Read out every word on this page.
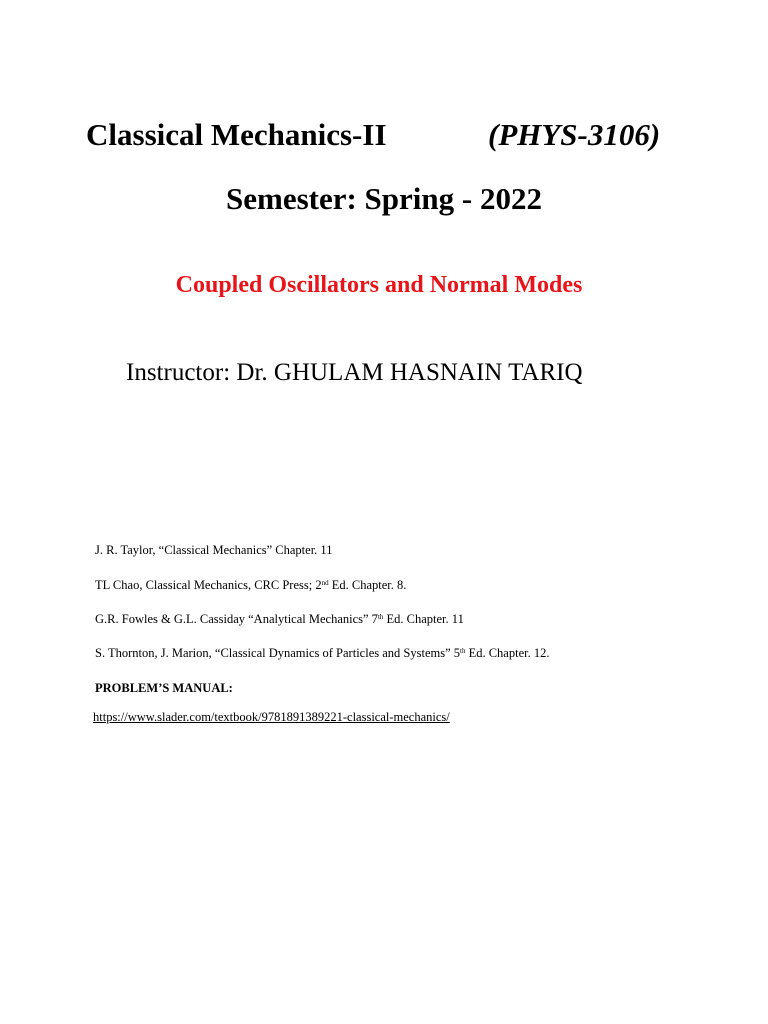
Classical Mechanics-II	(PHYS-3106)
Semester: Spring - 2022
Coupled Oscillators and Normal Modes
Instructor: Dr. GHULAM HASNAIN TARIQ
J. R. Taylor, “Classical Mechanics” Chapter. 11
TL Chao, Classical Mechanics, CRC Press; 2nd Ed. Chapter. 8.
G.R. Fowles & G.L. Cassiday “Analytical Mechanics” 7th Ed. Chapter. 11
S. Thornton, J. Marion, “Classical Dynamics of Particles and Systems” 5th Ed. Chapter. 12.
PROBLEM’S MANUAL:
https://www.slader.com/textbook/9781891389221-classical-mechanics/
